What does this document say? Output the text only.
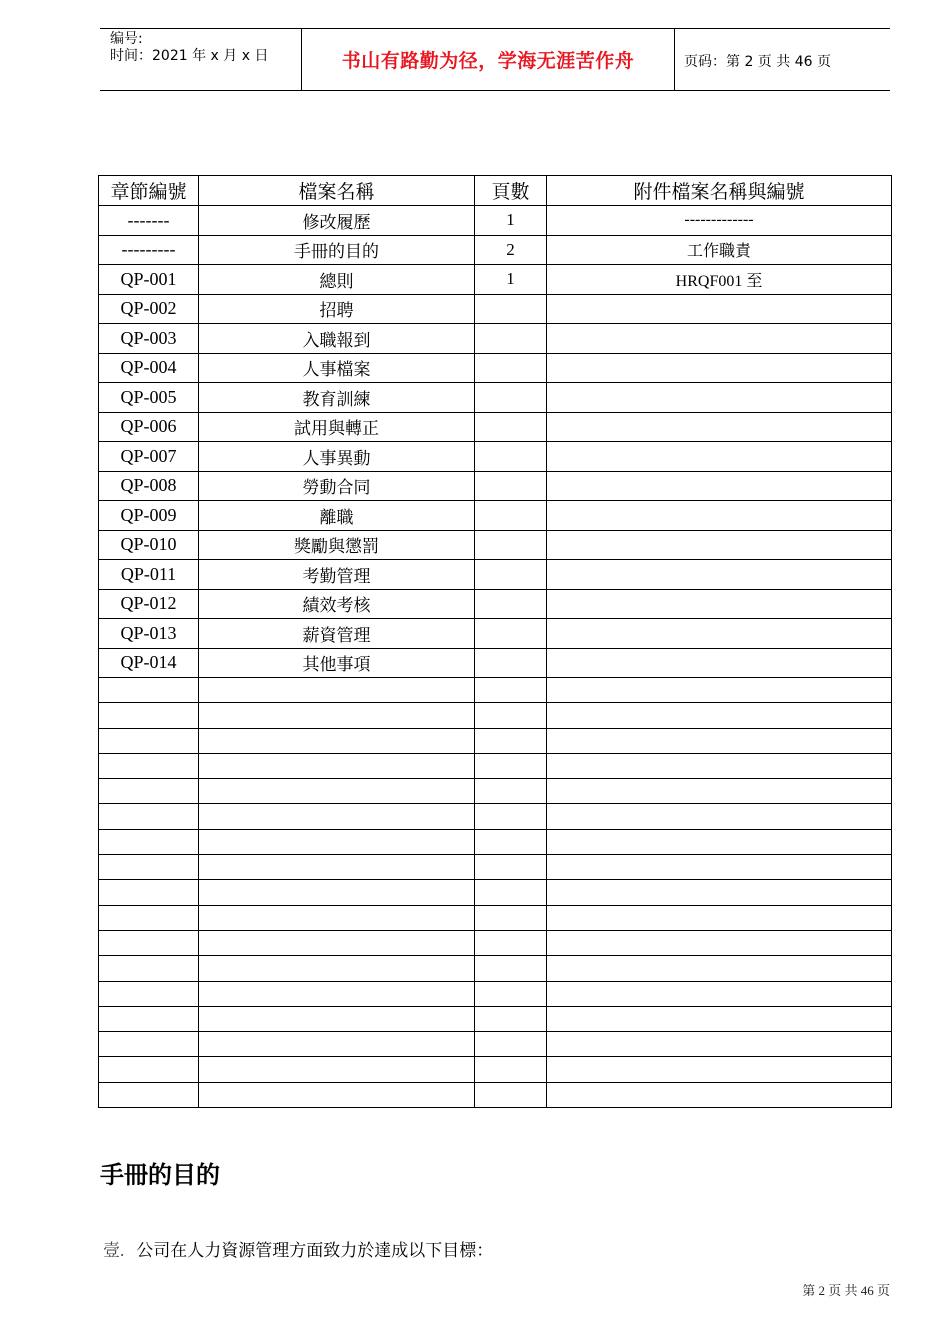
编号:
时间：2021 年 x 月 x 日	书山有路勤为径，学海无涯苦作舟	页码：第 2 页 共 46 页
章節編號	檔案名稱	頁數	附件檔案名稱與編號
-------	修改履歷	1	-------------
---------	手冊的目的	2	工作職責
QP-001	總則	1	HRQF001 至
QP-002	招聘		
QP-003	入職報到		
QP-004	人事檔案		
QP-005	教育訓練		
QP-006	試用與轉正		
QP-007	人事異動		
QP-008	勞動合同		
QP-009	離職		
QP-010	獎勵與懲罰		
QP-011	考勤管理		
QP-012	績效考核		
QP-013	薪資管理		
QP-014	其他事項		

手冊的目的
壹. 公司在人力資源管理方面致力於達成以下目標：
第 2 页 共 46 页
